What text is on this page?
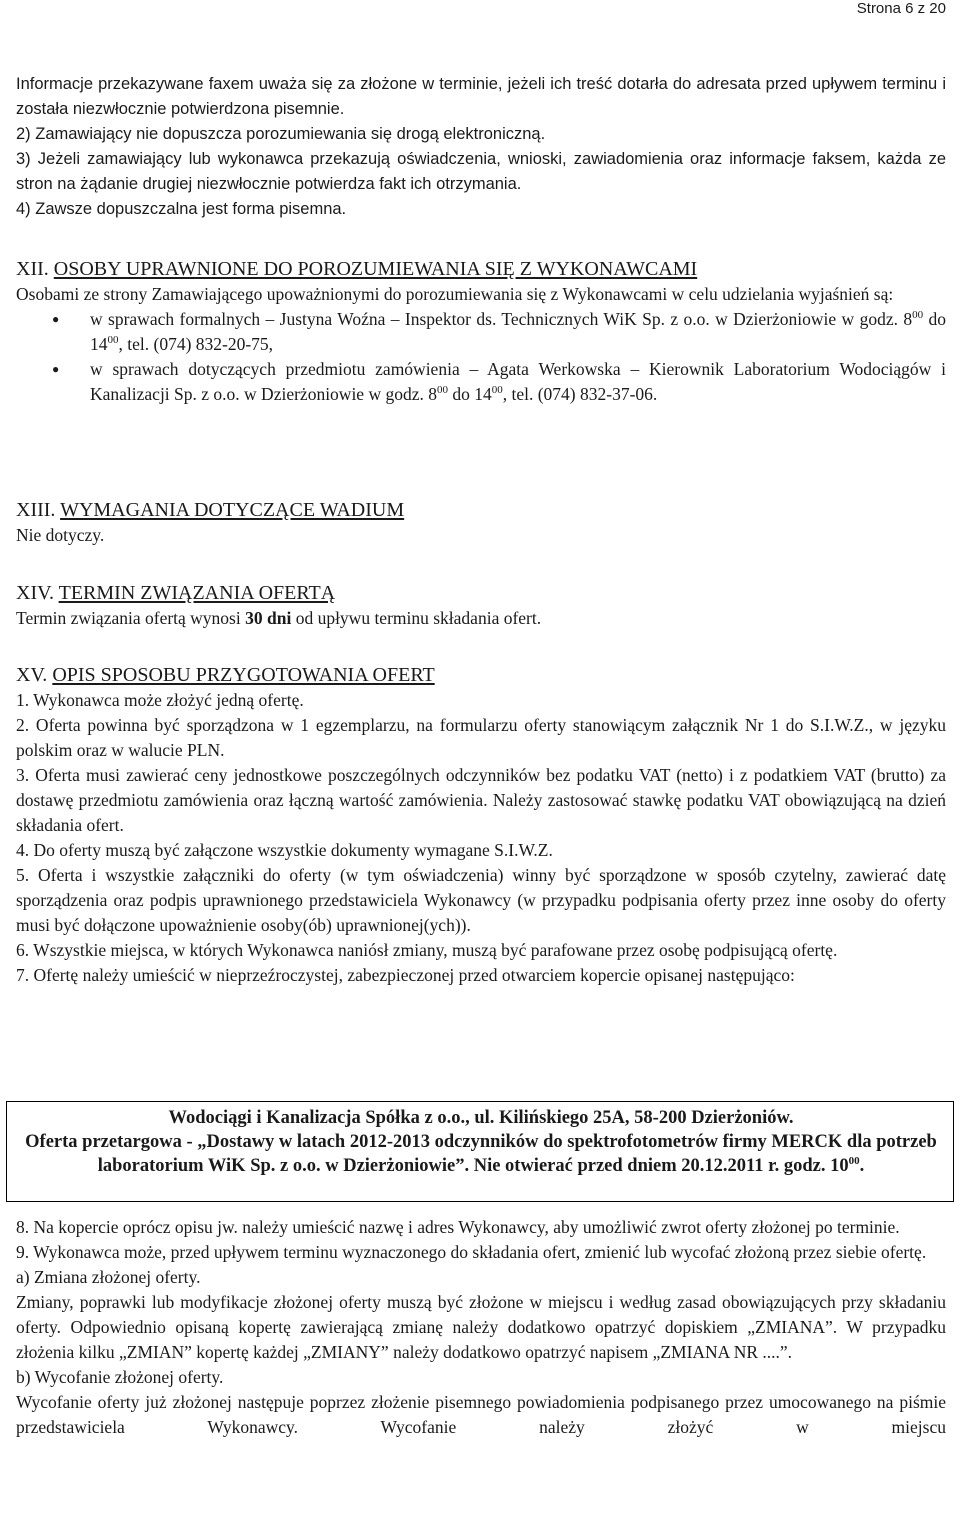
Strona 6 z 20

Informacje przekazywane faxem uważa się za złożone w terminie, jeżeli ich treść dotarła do adresata przed upływem terminu i została niezwłocznie potwierdzona pisemnie.

2) Zamawiający nie dopuszcza porozumiewania się drogą elektroniczną.

3) Jeżeli zamawiający lub wykonawca przekazują oświadczenia, wnioski, zawiadomienia oraz informacje faksem, każda ze stron na żądanie drugiej niezwłocznie potwierdza fakt ich otrzymania.

4) Zawsze dopuszczalna jest forma pisemna.

XII. OSOBY UPRAWNIONE DO POROZUMIEWANIA SIĘ Z WYKONAWCAMI

Osobami ze strony Zamawiającego upoważnionymi do porozumiewania się z Wykonawcami w celu udzielania wyjaśnień są:

● w sprawach formalnych – Justyna Woźna – Inspektor ds. Technicznych WiK Sp. z o.o. w Dzierżoniowie w godz. $8^{00}$ do $14^{00}$, tel. (074) 832-20-75,
● w sprawach dotyczących przedmiotu zamówienia – Agata Werkowska – Kierownik Laboratorium Wodociągów i Kanalizacji Sp. z o.o. w Dzierżoniowie w godz. $8^{00}$ do $14^{00}$, tel. (074) 832-37-06.

XIII. WYMAGANIA DOTYCZĄCE WADIUM

Nie dotyczy.

XIV. TERMIN ZWIĄZANIA OFERTĄ

Termin związania ofertą wynosi 30 dni od upływu terminu składania ofert.

XV. OPIS SPOSOBU PRZYGOTOWANIA OFERT

1. Wykonawca może złożyć jedną ofertę.

2. Oferta powinna być sporządzona w 1 egzemplarzu, na formularzu oferty stanowiącym załącznik Nr 1 do S.I.W.Z., w języku polskim oraz w walucie PLN.

3. Oferta musi zawierać ceny jednostkowe poszczególnych odczynników bez podatku VAT (netto) i z podatkiem VAT (brutto) za dostawę przedmiotu zamówienia oraz łączną wartość zamówienia. Należy zastosować stawkę podatku VAT obowiązującą na dzień składania ofert.

4. Do oferty muszą być załączone wszystkie dokumenty wymagane S.I.W.Z.

5. Oferta i wszystkie załączniki do oferty (w tym oświadczenia) winny być sporządzone w sposób czytelny, zawierać datę sporządzenia oraz podpis uprawnionego przedstawiciela Wykonawcy (w przypadku podpisania oferty przez inne osoby do oferty musi być dołączone upoważnienie osoby(ób) uprawnionej(ych)).

6. Wszystkie miejsca, w których Wykonawca naniósł zmiany, muszą być parafowane przez osobę podpisującą ofertę.

7. Ofertę należy umieścić w nieprzeźroczystej, zabezpieczonej przed otwarciem kopercie opisanej następująco:

Wodociągi i Kanalizacja Spółka z o.o., ul. Kilińskiego 25A, 58-200 Dzierżoniów.
Oferta przetargowa - „Dostawy w latach 2012-2013 odczynników do spektrofotometrów firmy MERCK dla potrzeb laboratorium WiK Sp. z o.o. w Dzierżoniowie”. Nie otwierać przed dniem 20.12.2011 r. godz. $10^{00}$.

8. Na kopercie oprócz opisu jw. należy umieścić nazwę i adres Wykonawcy, aby umożliwić zwrot oferty złożonej po terminie.

9. Wykonawca może, przed upływem terminu wyznaczonego do składania ofert, zmienić lub wycofać złożoną przez siebie ofertę.

a) Zmiana złożonej oferty.

Zmiany, poprawki lub modyfikacje złożonej oferty muszą być złożone w miejscu i według zasad obowiązujących przy składaniu oferty. Odpowiednio opisaną kopertę zawierającą zmianę należy dodatkowo opatrzyć dopiskiem „ZMIANA”. W przypadku złożenia kilku „ZMIAN” kopertę każdej „ZMIANY” należy dodatkowo opatrzyć napisem „ZMIANA NR ....”.

b) Wycofanie złożonej oferty.

Wycofanie oferty już złożonej następuje poprzez złożenie pisemnego powiadomienia podpisanego przez umocowanego na piśmie przedstawiciela Wykonawcy. Wycofanie należy złożyć w miejscu
